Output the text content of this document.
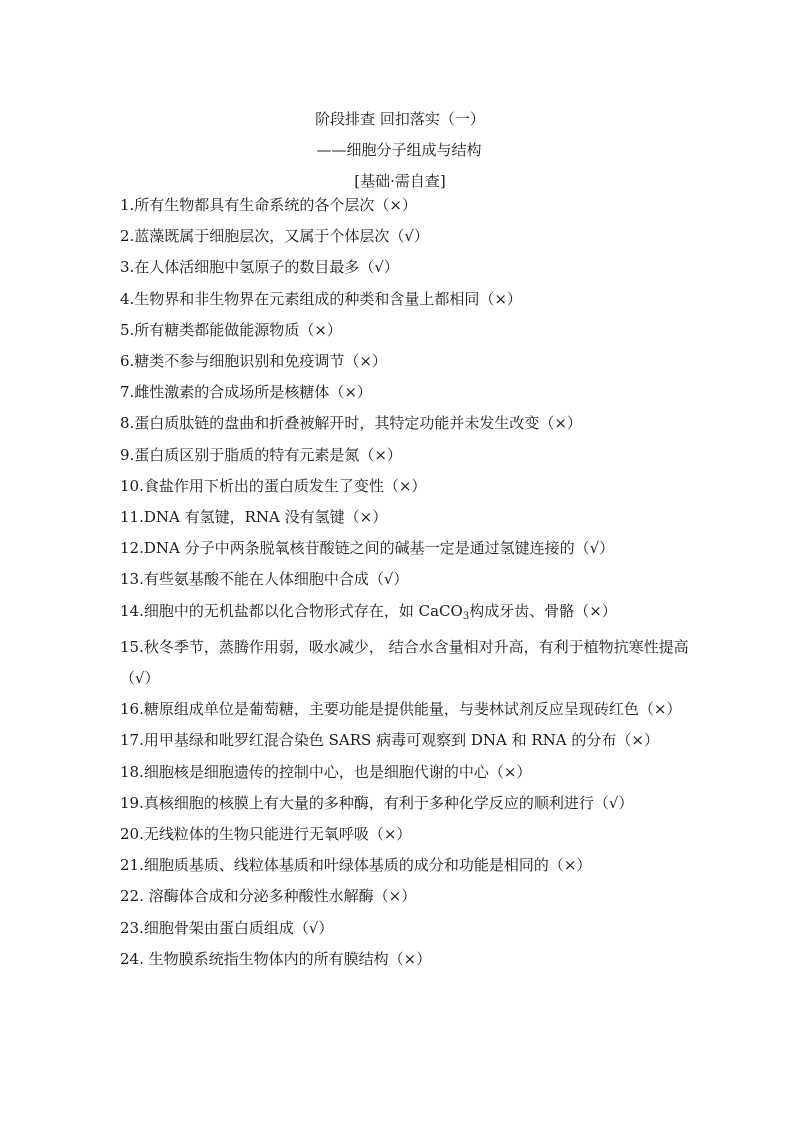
阶段排查 回扣落实（一）
——细胞分子组成与结构
[基础·需自查]
1.所有生物都具有生命系统的各个层次（×）
2.蓝藻既属于细胞层次，又属于个体层次（√）
3.在人体活细胞中氢原子的数目最多（√）
4.生物界和非生物界在元素组成的种类和含量上都相同（×）
5.所有糖类都能做能源物质（×）
6.糖类不参与细胞识别和免疫调节（×）
7.雌性激素的合成场所是核糖体（×）
8.蛋白质肽链的盘曲和折叠被解开时，其特定功能并未发生改变（×）
9.蛋白质区别于脂质的特有元素是氮（×）
10.食盐作用下析出的蛋白质发生了变性（×）
11.DNA 有氢键，RNA 没有氢键（×）
12.DNA 分子中两条脱氧核苷酸链之间的碱基一定是通过氢键连接的（√）
13.有些氨基酸不能在人体细胞中合成（√）
14.细胞中的无机盐都以化合物形式存在，如 CaCO$_3$构成牙齿、骨骼（×）
15.秋冬季节，蒸腾作用弱，吸水减少， 结合水含量相对升高，有利于植物抗寒性提高（√）
16.糖原组成单位是葡萄糖，主要功能是提供能量，与斐林试剂反应呈现砖红色（×）
17.用甲基绿和吡罗红混合染色 SARS 病毒可观察到 DNA 和 RNA 的分布（×）
18.细胞核是细胞遗传的控制中心，也是细胞代谢的中心（×）
19.真核细胞的核膜上有大量的多种酶，有利于多种化学反应的顺利进行（√）
20.无线粒体的生物只能进行无氧呼吸（×）
21.细胞质基质、线粒体基质和叶绿体基质的成分和功能是相同的（×）
22. 溶酶体合成和分泌多种酸性水解酶（×）
23.细胞骨架由蛋白质组成（√）
24. 生物膜系统指生物体内的所有膜结构（×）
